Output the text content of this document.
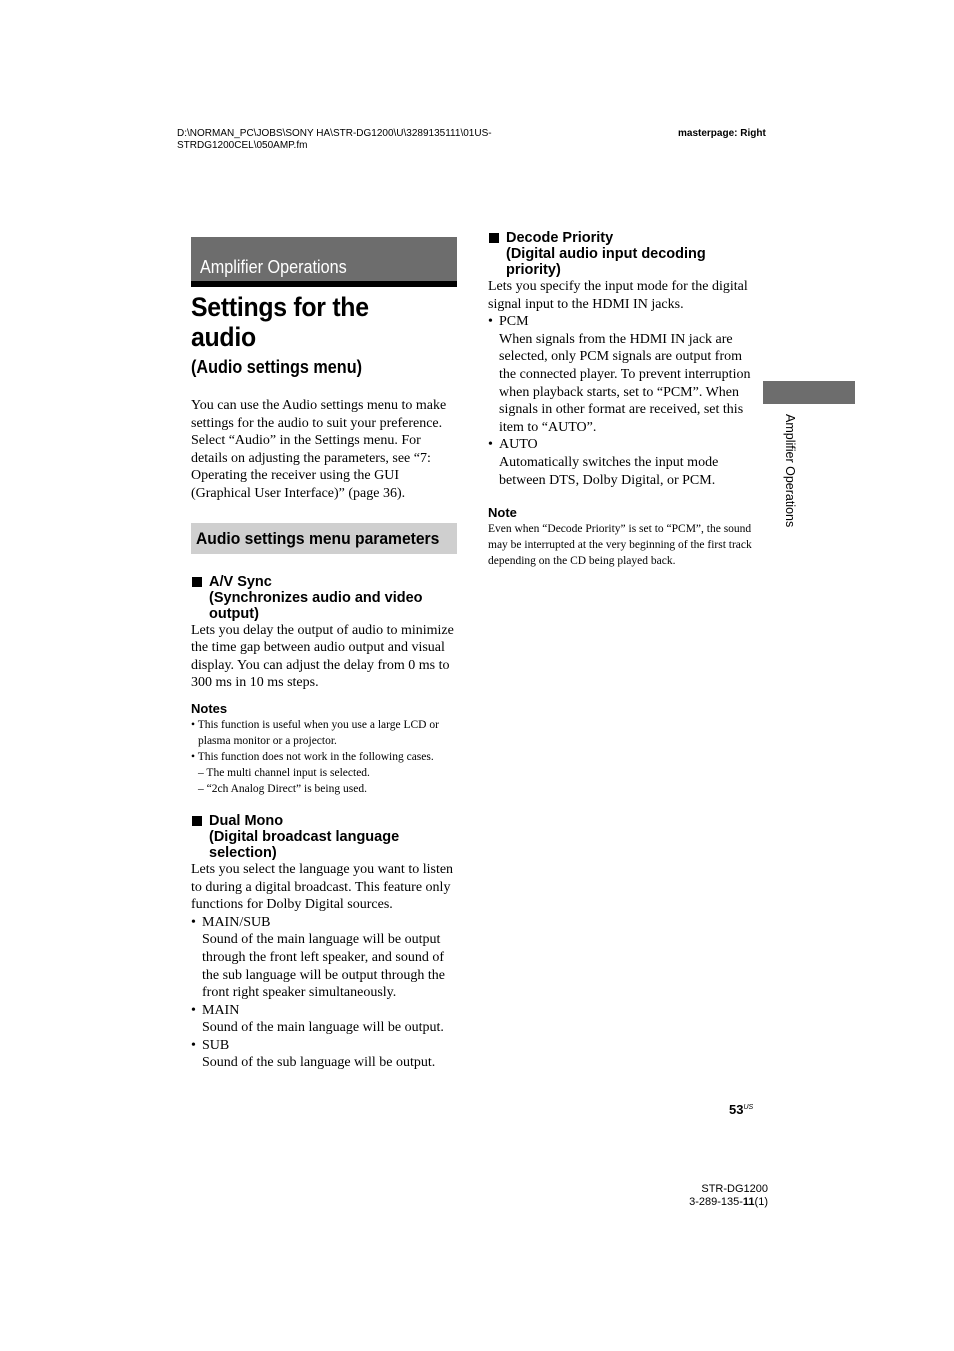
D:\NORMAN_PC\JOBS\SONY HA\STR-DG1200\U\3289135111\01US-
STRDG1200CEL\050AMP.fm
masterpage: Right
Amplifier Operations
Settings for the audio
(Audio settings menu)

You can use the Audio settings menu to make settings for the audio to suit your preference. Select “Audio” in the Settings menu. For details on adjusting the parameters, see “7: Operating the receiver using the GUI (Graphical User Interface)” (page 36).

Audio settings menu parameters
A/V Sync
(Synchronizes audio and video
output)

Lets you delay the output of audio to minimize the time gap between audio output and visual display. You can adjust the delay from 0 ms to 300 ms in 10 ms steps.

Notes
• This function is useful when you use a large LCD or plasma monitor or a projector.
• This function does not work in the following cases.
– The multi channel input is selected.
– “2ch Analog Direct” is being used.
Dual Mono
(Digital broadcast language
selection)

Lets you select the language you want to listen to during a digital broadcast. This feature only functions for Dolby Digital sources.

• MAIN/SUB
Sound of the main language will be output through the front left speaker, and sound of the sub language will be output through the front right speaker simultaneously.
• MAIN
Sound of the main language will be output.
• SUB
Sound of the sub language will be output.
Decode Priority
(Digital audio input decoding
priority)

Lets you specify the input mode for the digital signal input to the HDMI IN jacks.

• PCM
When signals from the HDMI IN jack are selected, only PCM signals are output from the connected player. To prevent interruption when playback starts, set to “PCM”. When signals in other format are received, set this item to “AUTO”.
• AUTO
Automatically switches the input mode between DTS, Dolby Digital, or PCM.
Note
Even when “Decode Priority” is set to “PCM”, the sound may be interrupted at the very beginning of the first track depending on the CD being played back.
Amplifier Operations
$53^{US}$
STR-DG1200
3-289-135-11(1)
